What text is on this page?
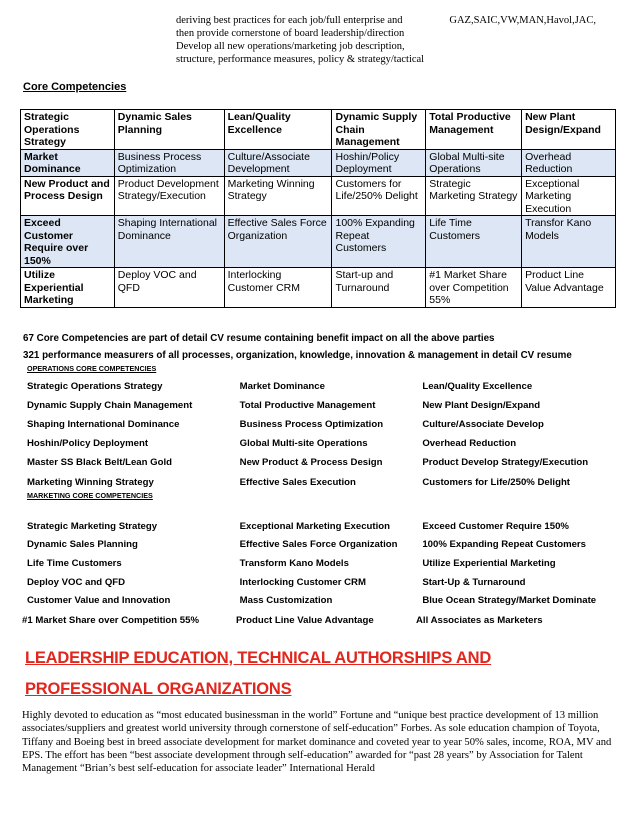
deriving best practices for each job/full enterprise and	GAZ,SAIC,VW,MAN,Havol,JAC,
then provide cornerstone of board leadership/direction
Develop all new operations/marketing job description,
structure, performance measures, policy & strategy/tactical
Core Competencies
Strategic Operations Strategy	Dynamic Sales Planning	Lean/Quality Excellence	Dynamic Supply Chain Management	Total Productive Management	New Plant Design/Expand
Market Dominance	Business Process Optimization	Culture/Associate Development	Hoshin/Policy Deployment	Global Multi-site Operations	Overhead Reduction
New Product and Process Design	Product Development Strategy/Execution	Marketing Winning Strategy	Customers for Life/250% Delight	Strategic Marketing Strategy	Exceptional Marketing Execution
Exceed Customer Require over 150%	Shaping International Dominance	Effective Sales Force Organization	100% Expanding Repeat Customers	Life Time Customers	Transfor Kano Models
Utilize Experiential Marketing	Deploy VOC and QFD	Interlocking Customer CRM	Start-up and Turnaround	#1 Market Share over Competition 55%	Product Line Value Advantage
67 Core Competencies are part of detail CV resume containing benefit impact on all the above parties
321 performance measurers of all processes, organization, knowledge, innovation & management in detail CV resume
OPERATIONS CORE COMPETENCIES
Strategic Operations Strategy	Market Dominance	Lean/Quality Excellence
Dynamic Supply Chain Management	Total Productive Management	New Plant Design/Expand
Shaping International Dominance	Business Process Optimization	Culture/Associate Develop
Hoshin/Policy Deployment	Global Multi-site Operations	Overhead Reduction
Master SS Black Belt/Lean Gold	New Product & Process Design	Product Develop Strategy/Execution
Marketing Winning Strategy	Effective Sales Execution	Customers for Life/250% Delight
MARKETING CORE COMPETENCIES
Strategic Marketing Strategy	Exceptional Marketing Execution	Exceed Customer Require 150%
Dynamic Sales Planning	Effective Sales Force Organization	100% Expanding Repeat Customers
Life Time Customers	Transform Kano Models	Utilize Experiential Marketing
Deploy VOC and QFD	Interlocking Customer CRM	Start-Up & Turnaround
Customer Value and Innovation	Mass Customization	Blue Ocean Strategy/Market Dominate
#1 Market Share over Competition 55%	Product Line Value Advantage	All Associates as Marketers
LEADERSHIP EDUCATION, TECHNICAL AUTHORSHIPS AND
PROFESSIONAL ORGANIZATIONS
Highly devoted to education as “most educated businessman in the world” Fortune and “unique best practice development of 13 million associates/suppliers and greatest world university through cornerstone of self-education” Forbes. As sole education champion of Toyota, Tiffany and Boeing best in breed associate development for market dominance and coveted year to year 50% sales, income, ROA, MV and EPS. The effort has been “best associate development through self-education” awarded for “past 28 years” by Association for Talent Management “Brian’s best self-education for associate leader” International Herald
